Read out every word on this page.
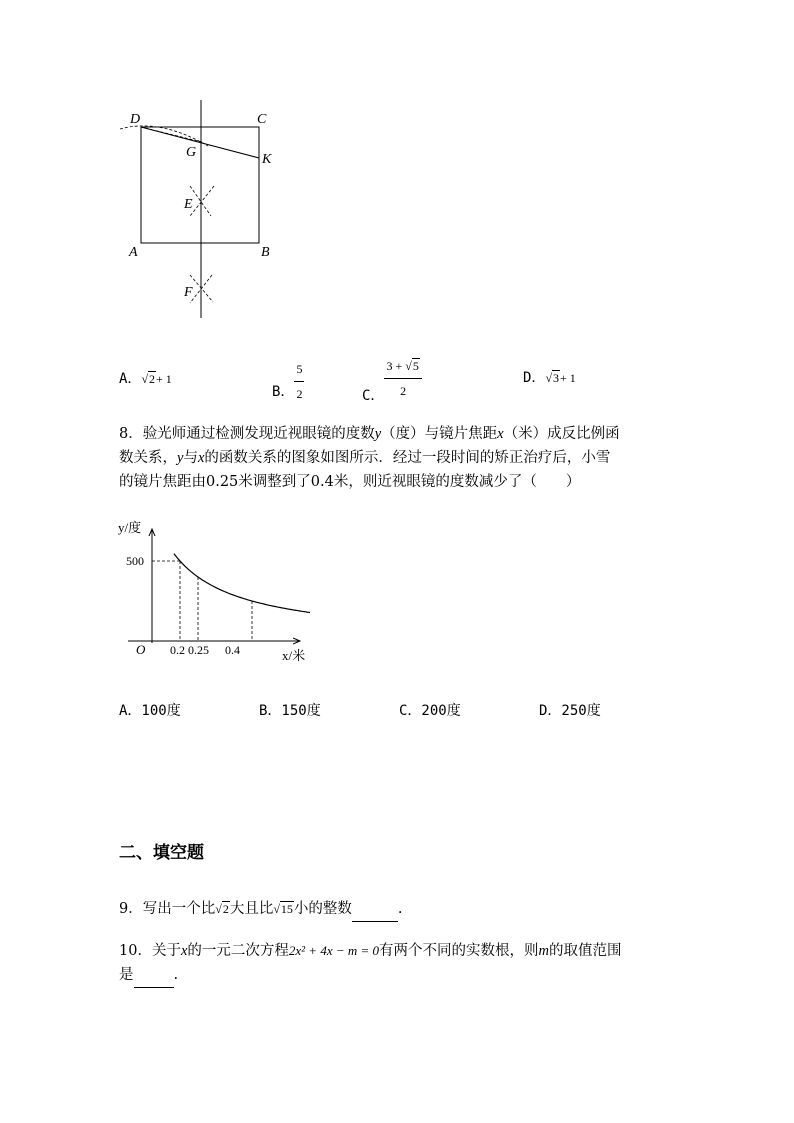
D	C
G	K
E
A	B
F
A．√2+ 1
B． $\frac{5}{2}$	C． $\frac{3 + √5}{2}$	D．√3+ 1
8．验光师通过检测发现近视眼镜的度数y（度）与镜片焦距x（米）成反比例函
数关系，y与x的函数关系的图象如图所示．经过一段时间的矫正治疗后，小雪
的镜片焦距由0.25米调整到了0.4米，则近视眼镜的度数减少了（　　）
y/度
x/米
O
500
0.2 0.25 0.4
A．100度	B．150度	C．200度	D．250度
二、填空题
9．写出一个比√2大且比√15小的整数	.
10．关于x的一元二次方程2x² + 4x − m = 0有两个不同的实数根，则m的取值范围
是	.
